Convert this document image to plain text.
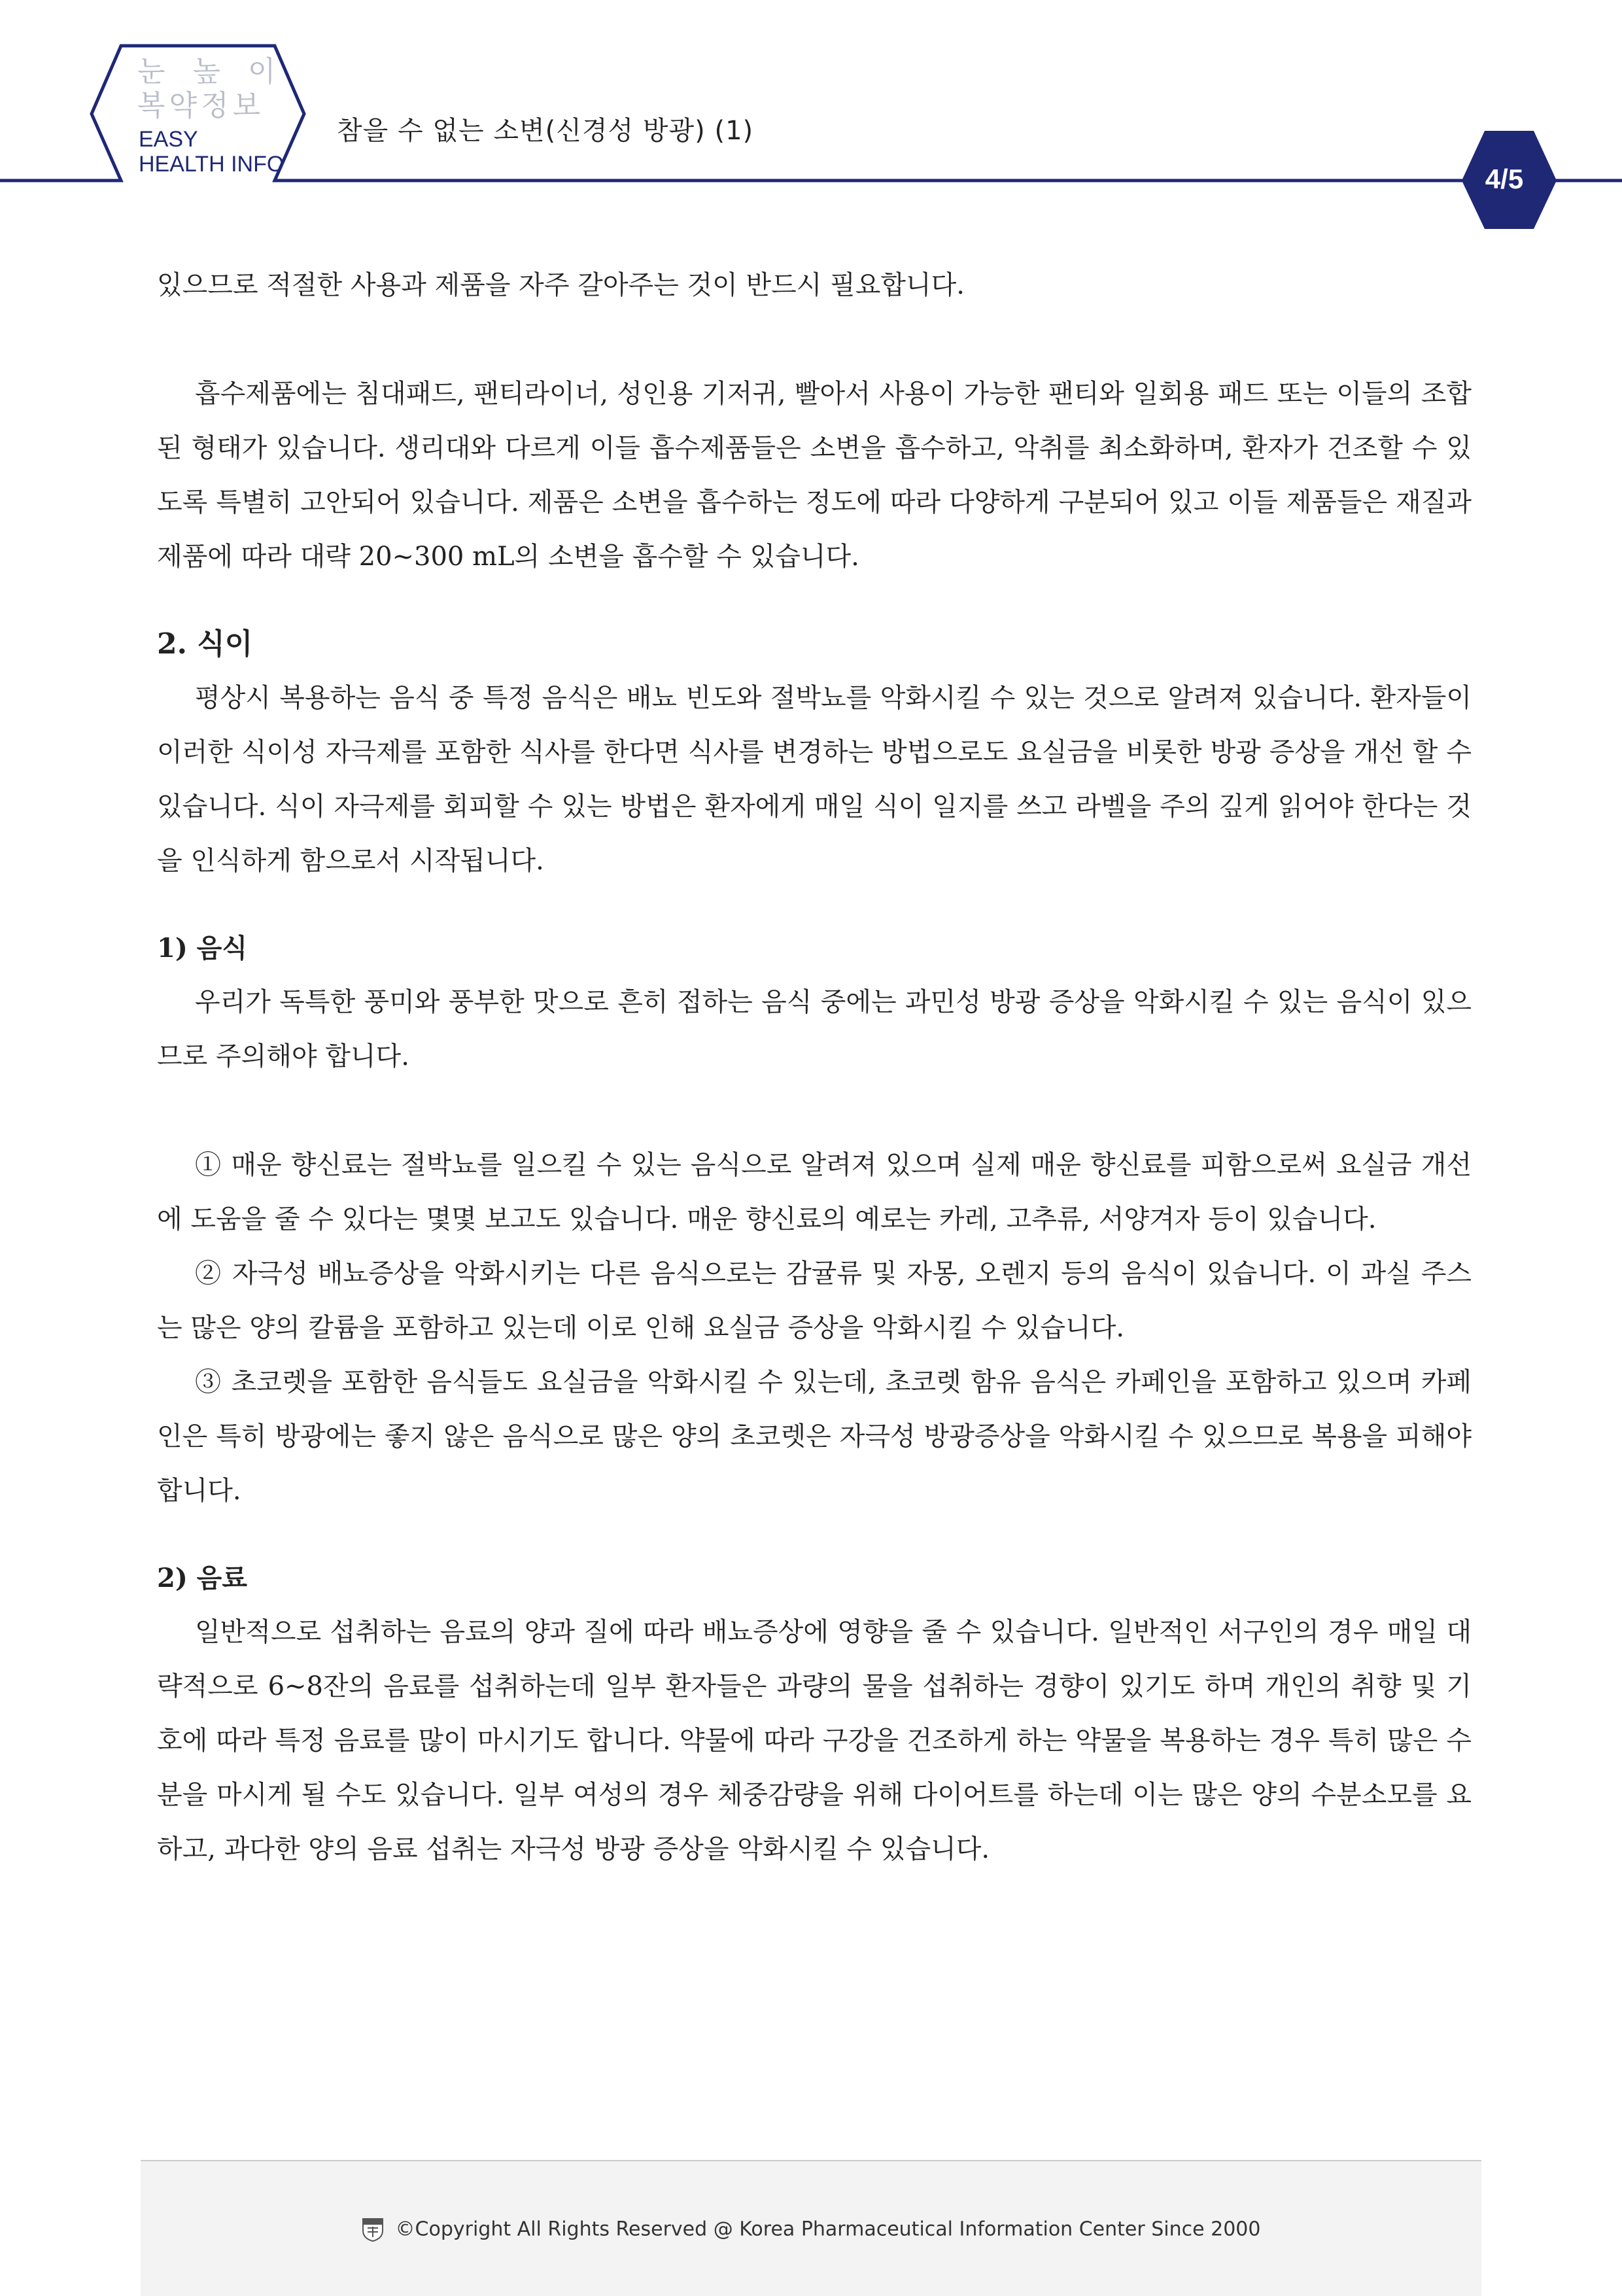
눈 높 이
복약정보
EASY
HEALTH INFO
참을 수 없는 소변(신경성 방광) (1)
4/5

있으므로 적절한 사용과 제품을 자주 갈아주는 것이 반드시 필요합니다.

흡수제품에는 침대패드, 팬티라이너, 성인용 기저귀, 빨아서 사용이 가능한 팬티와 일회용 패드 또는 이들의 조합된 형태가 있습니다. 생리대와 다르게 이들 흡수제품들은 소변을 흡수하고, 악취를 최소화하며, 환자가 건조할 수 있도록 특별히 고안되어 있습니다. 제품은 소변을 흡수하는 정도에 따라 다양하게 구분되어 있고 이들 제품들은 재질과 제품에 따라 대략 20~300 mL의 소변을 흡수할 수 있습니다.

2. 식이

평상시 복용하는 음식 중 특정 음식은 배뇨 빈도와 절박뇨를 악화시킬 수 있는 것으로 알려져 있습니다. 환자들이 이러한 식이성 자극제를 포함한 식사를 한다면 식사를 변경하는 방법으로도 요실금을 비롯한 방광 증상을 개선 할 수 있습니다. 식이 자극제를 회피할 수 있는 방법은 환자에게 매일 식이 일지를 쓰고 라벨을 주의 깊게 읽어야 한다는 것을 인식하게 함으로서 시작됩니다.

1) 음식

우리가 독특한 풍미와 풍부한 맛으로 흔히 접하는 음식 중에는 과민성 방광 증상을 악화시킬 수 있는 음식이 있으므로 주의해야 합니다.

① 매운 향신료는 절박뇨를 일으킬 수 있는 음식으로 알려져 있으며 실제 매운 향신료를 피함으로써 요실금 개선에 도움을 줄 수 있다는 몇몇 보고도 있습니다. 매운 향신료의 예로는 카레, 고추류, 서양겨자 등이 있습니다.

② 자극성 배뇨증상을 악화시키는 다른 음식으로는 감귤류 및 자몽, 오렌지 등의 음식이 있습니다. 이 과실 주스는 많은 양의 칼륨을 포함하고 있는데 이로 인해 요실금 증상을 악화시킬 수 있습니다.

③ 초코렛을 포함한 음식들도 요실금을 악화시킬 수 있는데, 초코렛 함유 음식은 카페인을 포함하고 있으며 카페인은 특히 방광에는 좋지 않은 음식으로 많은 양의 초코렛은 자극성 방광증상을 악화시킬 수 있으므로 복용을 피해야 합니다.

2) 음료

일반적으로 섭취하는 음료의 양과 질에 따라 배뇨증상에 영향을 줄 수 있습니다. 일반적인 서구인의 경우 매일 대략적으로 6~8잔의 음료를 섭취하는데 일부 환자들은 과량의 물을 섭취하는 경향이 있기도 하며 개인의 취향 및 기호에 따라 특정 음료를 많이 마시기도 합니다. 약물에 따라 구강을 건조하게 하는 약물을 복용하는 경우 특히 많은 수분을 마시게 될 수도 있습니다. 일부 여성의 경우 체중감량을 위해 다이어트를 하는데 이는 많은 양의 수분소모를 요하고, 과다한 양의 음료 섭취는 자극성 방광 증상을 악화시킬 수 있습니다.

©Copyright All Rights Reserved @ Korea Pharmaceutical Information Center Since 2000
